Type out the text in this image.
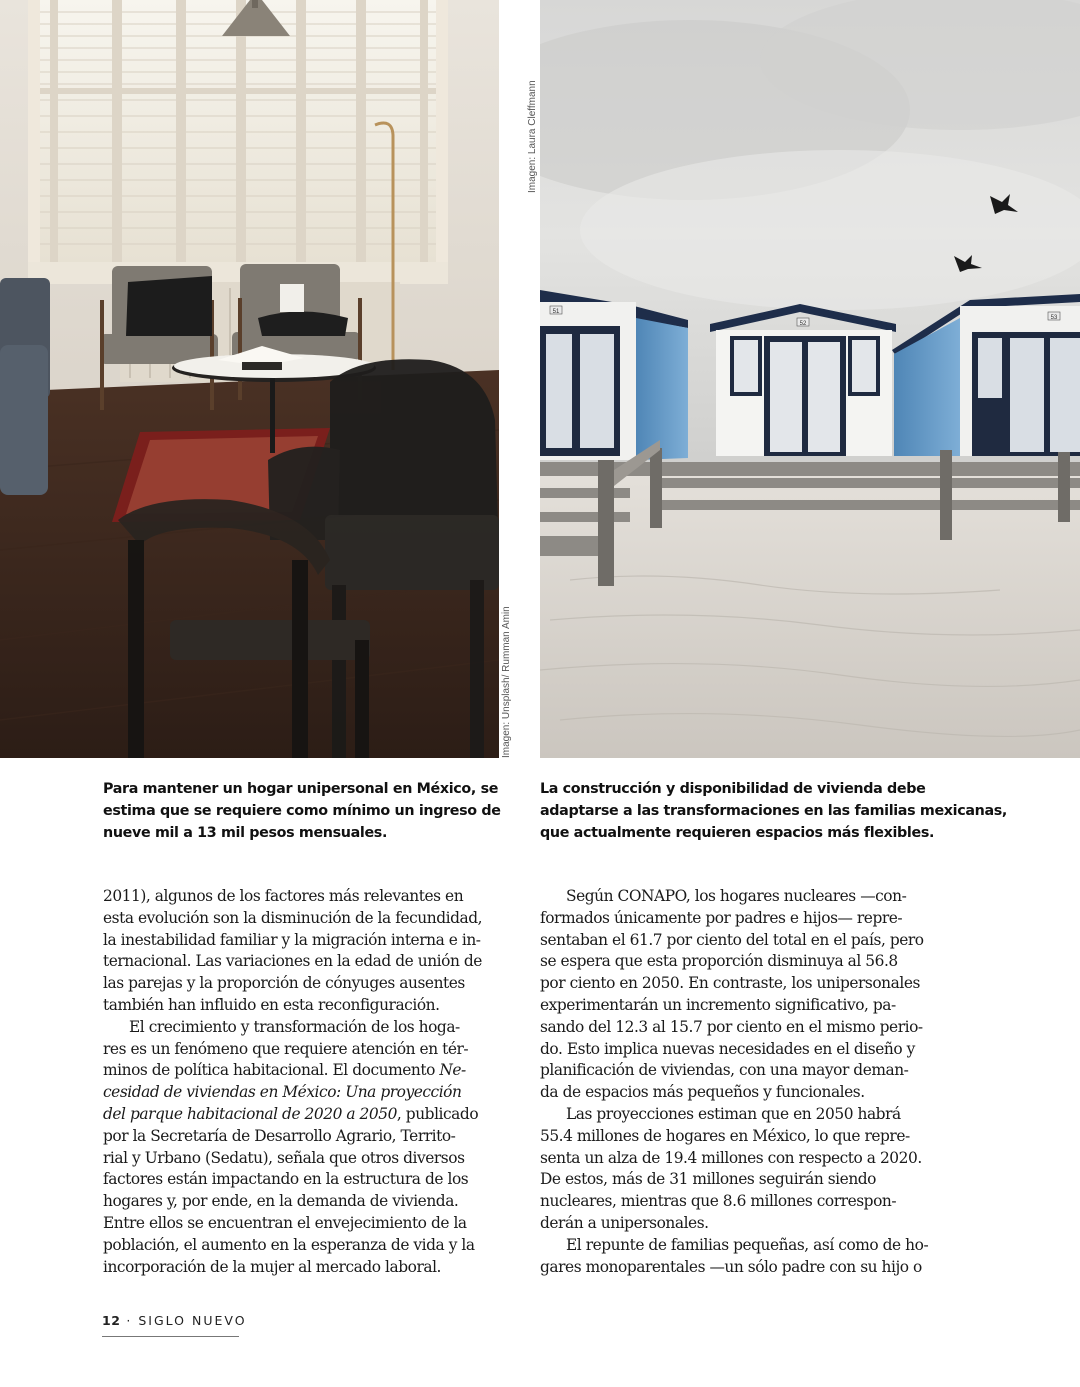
Imagen: Unsplash/ Rumman Amin
51
52
53
Imagen: Laura Cleffmann
Para mantener un hogar unipersonal en México, se
estima que se requiere como mínimo un ingreso de
nueve mil a 13 mil pesos mensuales.
La construcción y disponibilidad de vivienda debe
adaptarse a las transformaciones en las familias mexicanas,
que actualmente requieren espacios más flexibles.
2011), algunos de los factores más relevantes en
esta evolución son la disminución de la fecundidad,
la inestabilidad familiar y la migración interna e in-
ternacional. Las variaciones en la edad de unión de
las parejas y la proporción de cónyuges ausentes
también han influido en esta reconfiguración.
El crecimiento y transformación de los hoga-
res es un fenómeno que requiere atención en tér-
minos de política habitacional. El documento Ne-
cesidad de viviendas en México: Una proyección
del parque habitacional de 2020 a 2050, publicado
por la Secretaría de Desarrollo Agrario, Territo-
rial y Urbano (Sedatu), señala que otros diversos
factores están impactando en la estructura de los
hogares y, por ende, en la demanda de vivienda.
Entre ellos se encuentran el envejecimiento de la
población, el aumento en la esperanza de vida y la
incorporación de la mujer al mercado laboral.
Según CONAPO, los hogares nucleares —con-
formados únicamente por padres e hijos— repre-
sentaban el 61.7 por ciento del total en el país, pero
se espera que esta proporción disminuya al 56.8
por ciento en 2050. En contraste, los unipersonales
experimentarán un incremento significativo, pa-
sando del 12.3 al 15.7 por ciento en el mismo perio-
do. Esto implica nuevas necesidades en el diseño y
planificación de viviendas, con una mayor deman-
da de espacios más pequeños y funcionales.
Las proyecciones estiman que en 2050 habrá
55.4 millones de hogares en México, lo que repre-
senta un alza de 19.4 millones con respecto a 2020.
De estos, más de 31 millones seguirán siendo
nucleares, mientras que 8.6 millones correspon-
derán a unipersonales.
El repunte de familias pequeñas, así como de ho-
gares monoparentales —un sólo padre con su hijo o
12 · SIGLO NUEVO
